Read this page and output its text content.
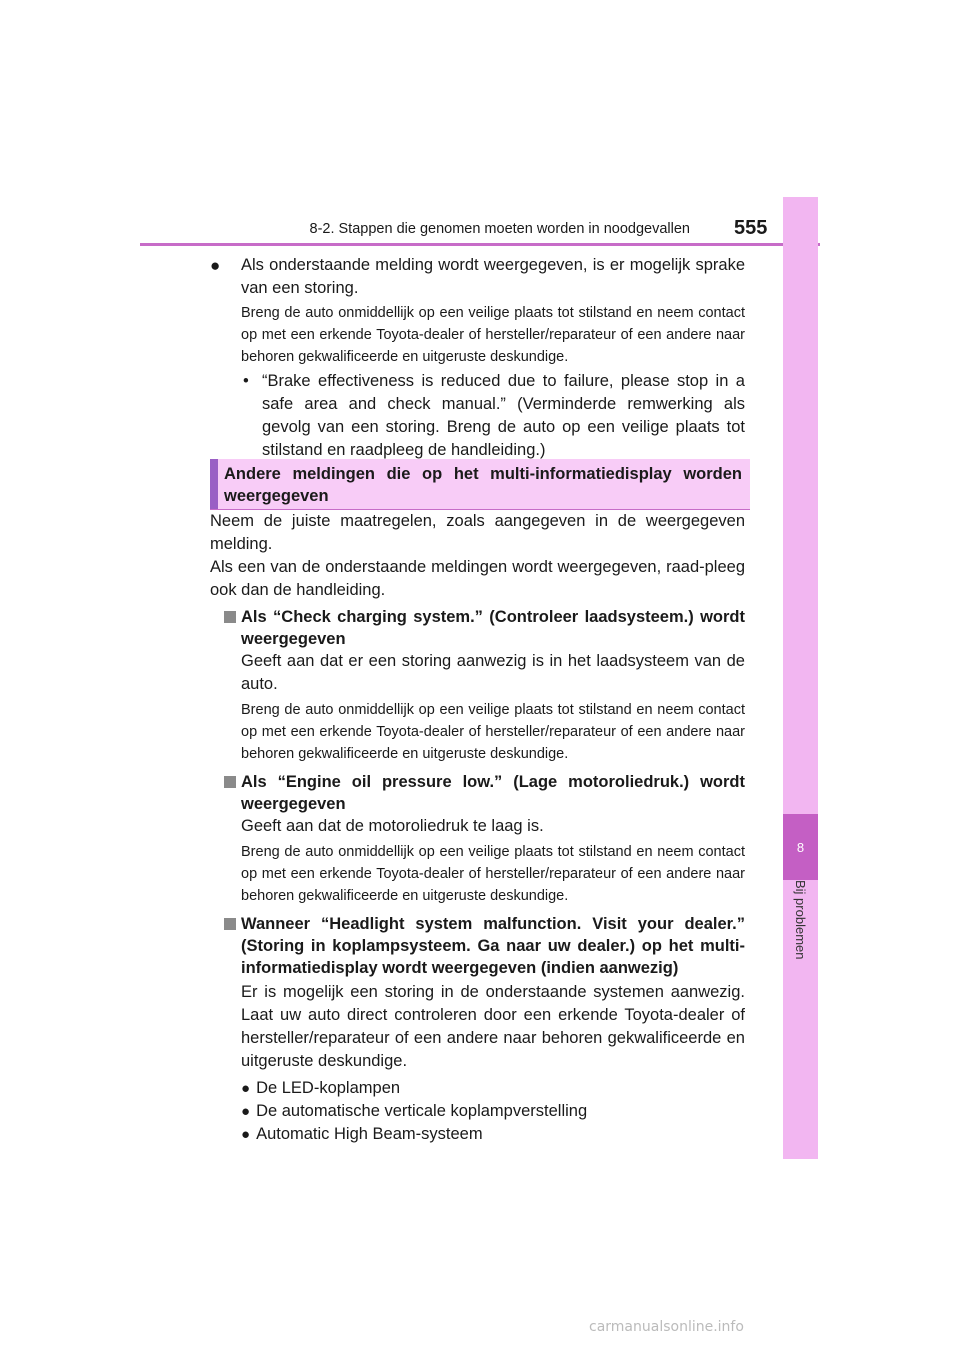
8-2. Stappen die genomen moeten worden in noodgevallen 555
8
Bij problemen

● Als onderstaande melding wordt weergegeven, is er mogelijk sprake van een storing.

Breng de auto onmiddellijk op een veilige plaats tot stilstand en neem contact op met een erkende Toyota-dealer of hersteller/reparateur of een andere naar behoren gekwalificeerde en uitgeruste deskundige.

• “Brake effectiveness is reduced due to failure, please stop in a safe area and check manual.” (Verminderde remwerking als gevolg van een storing. Breng de auto op een veilige plaats tot stilstand en raadpleeg de handleiding.)

Andere meldingen die op het multi-informatiedisplay worden weergegeven

Neem de juiste maatregelen, zoals aangegeven in de weergegeven melding.

Als een van de onderstaande meldingen wordt weergegeven, raad-pleeg ook dan de handleiding.

Als “Check charging system.” (Controleer laadsysteem.) wordt weergegeven

Geeft aan dat er een storing aanwezig is in het laadsysteem van de auto.

Breng de auto onmiddellijk op een veilige plaats tot stilstand en neem contact op met een erkende Toyota-dealer of hersteller/reparateur of een andere naar behoren gekwalificeerde en uitgeruste deskundige.

Als “Engine oil pressure low.” (Lage motoroliedruk.) wordt weergegeven

Geeft aan dat de motoroliedruk te laag is.

Breng de auto onmiddellijk op een veilige plaats tot stilstand en neem contact op met een erkende Toyota-dealer of hersteller/reparateur of een andere naar behoren gekwalificeerde en uitgeruste deskundige.

Wanneer “Headlight system malfunction. Visit your dealer.” (Storing in koplampsysteem. Ga naar uw dealer.) op het multi-informatiedisplay wordt weergegeven (indien aanwezig)

Er is mogelijk een storing in de onderstaande systemen aanwezig. Laat uw auto direct controleren door een erkende Toyota-dealer of hersteller/reparateur of een andere naar behoren gekwalificeerde en uitgeruste deskundige.

● De LED-koplampen

● De automatische verticale koplampverstelling

● Automatic High Beam-systeem

carmanualsonline.info
